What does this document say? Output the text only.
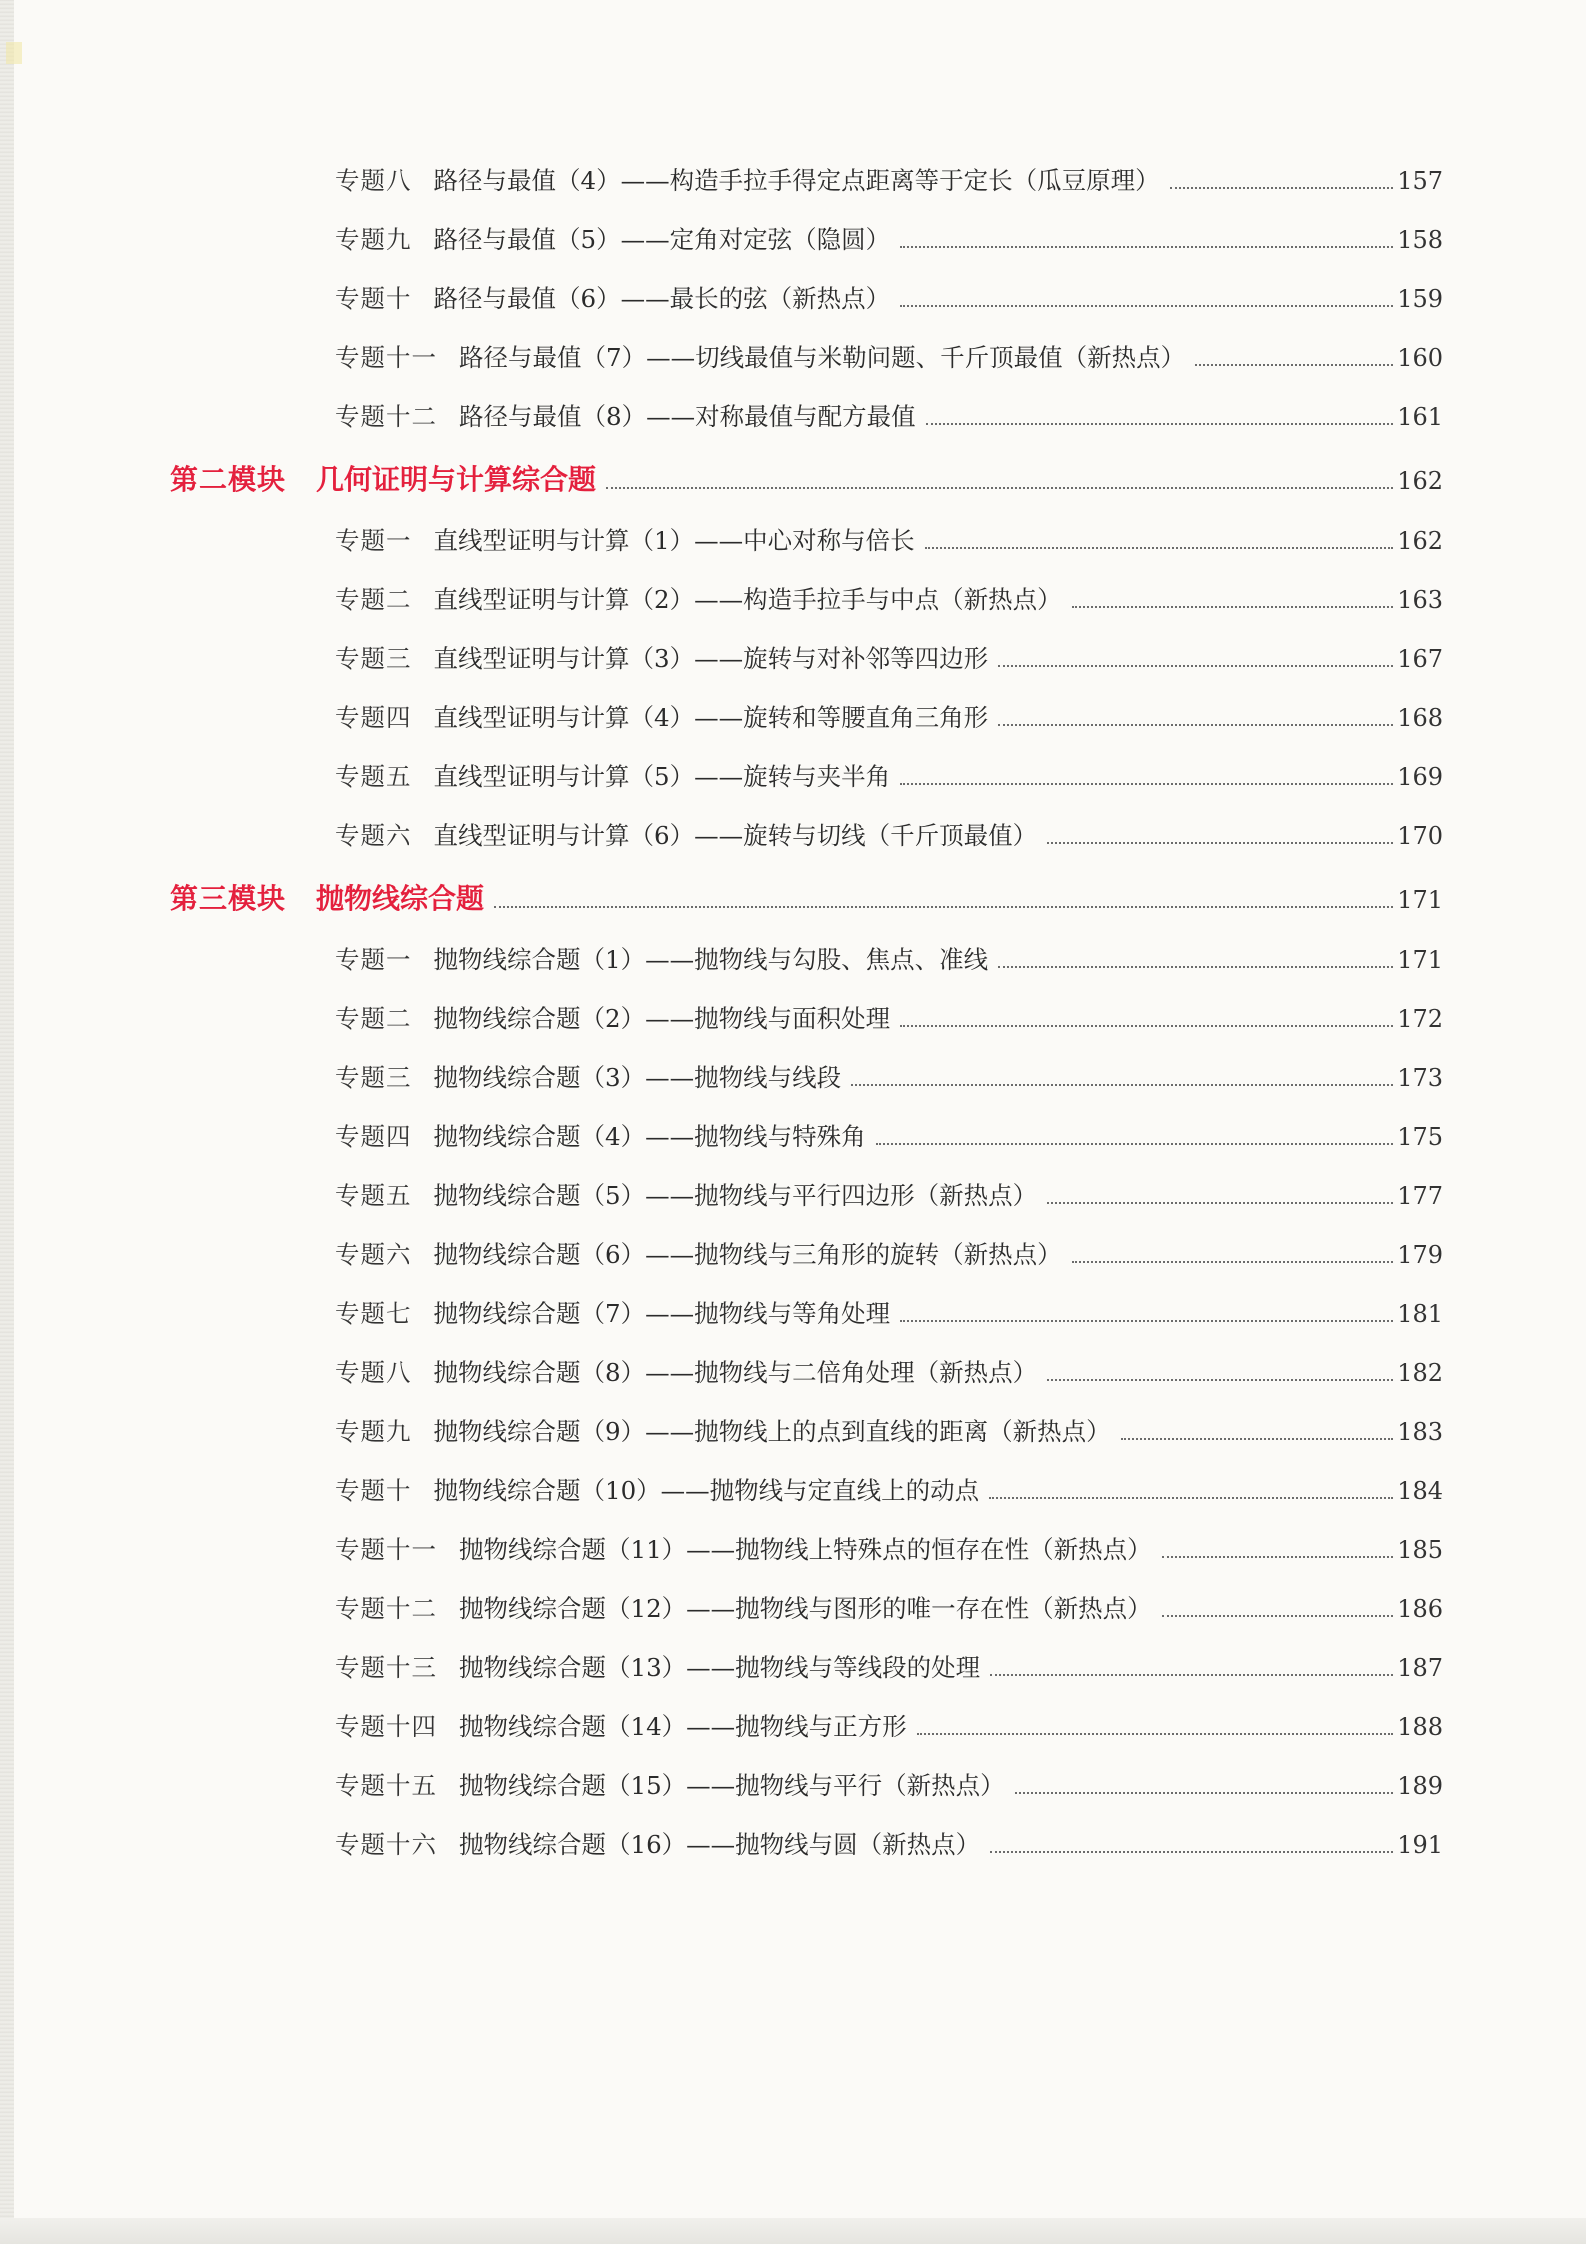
专题八 路径与最值（4）——构造手拉手得定点距离等于定长（瓜豆原理）	157
专题九 路径与最值（5）——定角对定弦（隐圆）	158
专题十 路径与最值（6）——最长的弦（新热点）	159
专题十一 路径与最值（7）——切线最值与米勒问题、千斤顶最值（新热点）	160
专题十二 路径与最值（8）——对称最值与配方最值	161
第二模块	几何证明与计算综合题	162
专题一 直线型证明与计算（1）——中心对称与倍长	162
专题二 直线型证明与计算（2）——构造手拉手与中点（新热点）	163
专题三 直线型证明与计算（3）——旋转与对补邻等四边形	167
专题四 直线型证明与计算（4）——旋转和等腰直角三角形	168
专题五 直线型证明与计算（5）——旋转与夹半角	169
专题六 直线型证明与计算（6）——旋转与切线（千斤顶最值）	170
第三模块	抛物线综合题	171
专题一 抛物线综合题（1）——抛物线与勾股、焦点、准线	171
专题二 抛物线综合题（2）——抛物线与面积处理	172
专题三 抛物线综合题（3）——抛物线与线段	173
专题四 抛物线综合题（4）——抛物线与特殊角	175
专题五 抛物线综合题（5）——抛物线与平行四边形（新热点）	177
专题六 抛物线综合题（6）——抛物线与三角形的旋转（新热点）	179
专题七 抛物线综合题（7）——抛物线与等角处理	181
专题八 抛物线综合题（8）——抛物线与二倍角处理（新热点）	182
专题九 抛物线综合题（9）——抛物线上的点到直线的距离（新热点）	183
专题十 抛物线综合题（10）——抛物线与定直线上的动点	184
专题十一 抛物线综合题（11）——抛物线上特殊点的恒存在性（新热点）	185
专题十二 抛物线综合题（12）——抛物线与图形的唯一存在性（新热点）	186
专题十三 抛物线综合题（13）——抛物线与等线段的处理	187
专题十四 抛物线综合题（14）——抛物线与正方形	188
专题十五 抛物线综合题（15）——抛物线与平行（新热点）	189
专题十六 抛物线综合题（16）——抛物线与圆（新热点）	191
